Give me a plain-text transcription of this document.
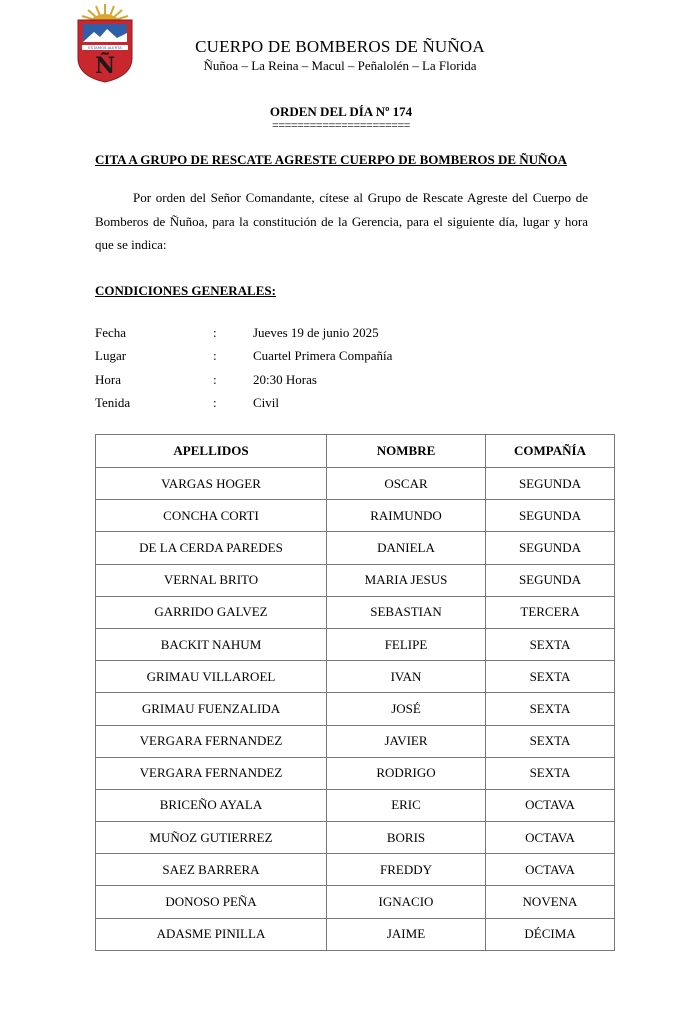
ESTAMOS ALERTA
Ñ
CUERPO DE BOMBEROS DE ÑUÑOA
Ñuñoa – La Reina – Macul – Peñalolén – La Florida
ORDEN DEL DÍA Nº 174
======================
CITA A GRUPO DE RESCATE AGRESTE CUERPO DE BOMBEROS DE ÑUÑOA
Por orden del Señor Comandante, cítese al Grupo de Rescate Agreste del Cuerpo de Bomberos de Ñuñoa, para la constitución de la Gerencia, para el siguiente día, lugar y hora que se indica:
CONDICIONES GENERALES:
Fecha	:	Jueves 19 de junio 2025
Lugar	:	Cuartel Primera Compañía
Hora	:	20:30 Horas
Tenida	:	Civil
APELLIDOS	NOMBRE	COMPAÑÍA
VARGAS HOGER	OSCAR	SEGUNDA
CONCHA CORTI	RAIMUNDO	SEGUNDA
DE LA CERDA PAREDES	DANIELA	SEGUNDA
VERNAL BRITO	MARIA JESUS	SEGUNDA
GARRIDO GALVEZ	SEBASTIAN	TERCERA
BACKIT NAHUM	FELIPE	SEXTA
GRIMAU VILLAROEL	IVAN	SEXTA
GRIMAU FUENZALIDA	JOSÉ	SEXTA
VERGARA FERNANDEZ	JAVIER	SEXTA
VERGARA FERNANDEZ	RODRIGO	SEXTA
BRICEÑO AYALA	ERIC	OCTAVA
MUÑOZ GUTIERREZ	BORIS	OCTAVA
SAEZ BARRERA	FREDDY	OCTAVA
DONOSO PEÑA	IGNACIO	NOVENA
ADASME PINILLA	JAIME	DÉCIMA
